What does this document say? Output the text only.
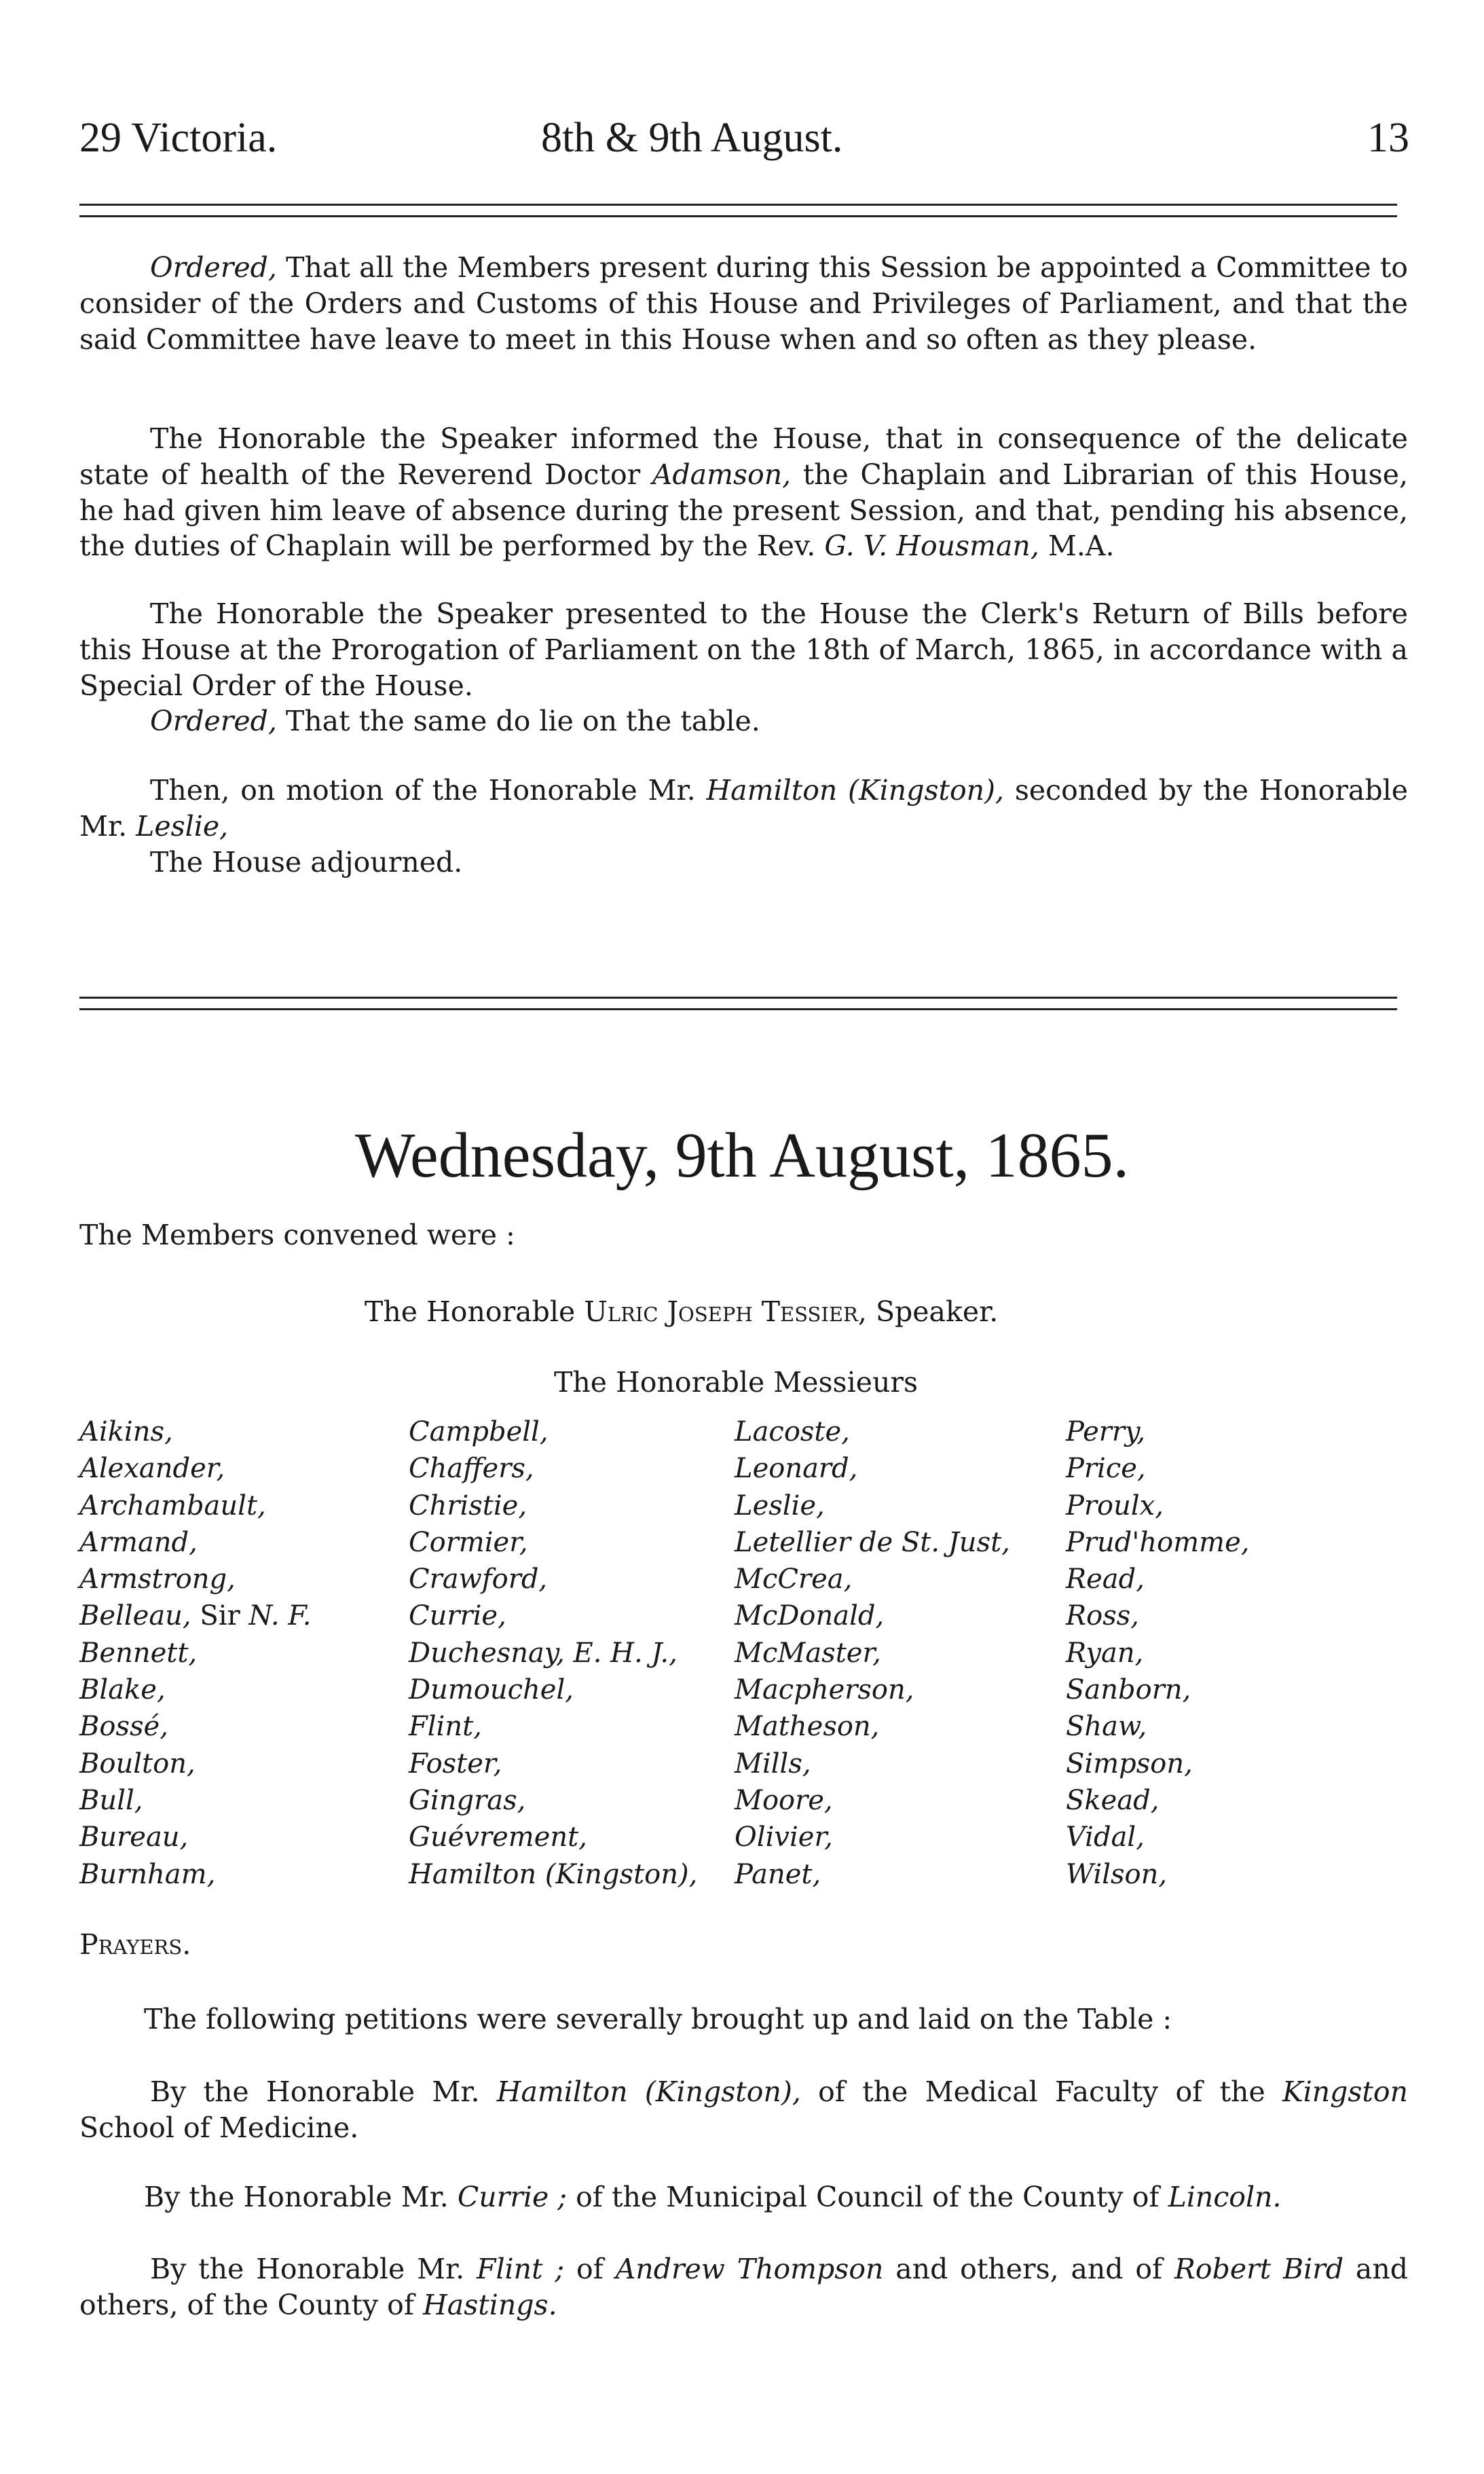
29 Victoria.	8th & 9th August.	13

Ordered, That all the Members present during this Session be appointed a Committee to consider of the Orders and Customs of this House and Privileges of Parliament, and that the said Committee have leave to meet in this House when and so often as they please.

The Honorable the Speaker informed the House, that in consequence of the delicate state of health of the Reverend Doctor Adamson, the Chaplain and Librarian of this House, he had given him leave of absence during the present Session, and that, pending his absence, the duties of Chaplain will be performed by the Rev. G. V. Housman, M.A.

The Honorable the Speaker presented to the House the Clerk's Return of Bills before this House at the Prorogation of Parliament on the 18th of March, 1865, in accordance with a Special Order of the House.

Ordered, That the same do lie on the table.

Then, on motion of the Honorable Mr. Hamilton (Kingston), seconded by the Honorable Mr. Leslie,

The House adjourned.

Wednesday, 9th August, 1865.
The Members convened were :
The Honorable Ulric Joseph Tessier, Speaker.
The Honorable Messieurs
Aikins,
Alexander,
Archambault,
Armand,
Armstrong,
Belleau, Sir N. F.
Bennett,
Blake,
Bossé,
Boulton,
Bull,
Bureau,
Burnham,
Campbell,
Chaffers,
Christie,
Cormier,
Crawford,
Currie,
Duchesnay, E. H. J.,
Dumouchel,
Flint,
Foster,
Gingras,
Guévrement,
Hamilton (Kingston),
Lacoste,
Leonard,
Leslie,
Letellier de St. Just,
McCrea,
McDonald,
McMaster,
Macpherson,
Matheson,
Mills,
Moore,
Olivier,
Panet,
Perry,
Price,
Proulx,
Prud'homme,
Read,
Ross,
Ryan,
Sanborn,
Shaw,
Simpson,
Skead,
Vidal,
Wilson,
Prayers.
The following petitions were severally brought up and laid on the Table :

By the Honorable Mr. Hamilton (Kingston), of the Medical Faculty of the Kingston School of Medicine.

By the Honorable Mr. Currie ; of the Municipal Council of the County of Lincoln.

By the Honorable Mr. Flint ; of Andrew Thompson and others, and of Robert Bird and others, of the County of Hastings.
